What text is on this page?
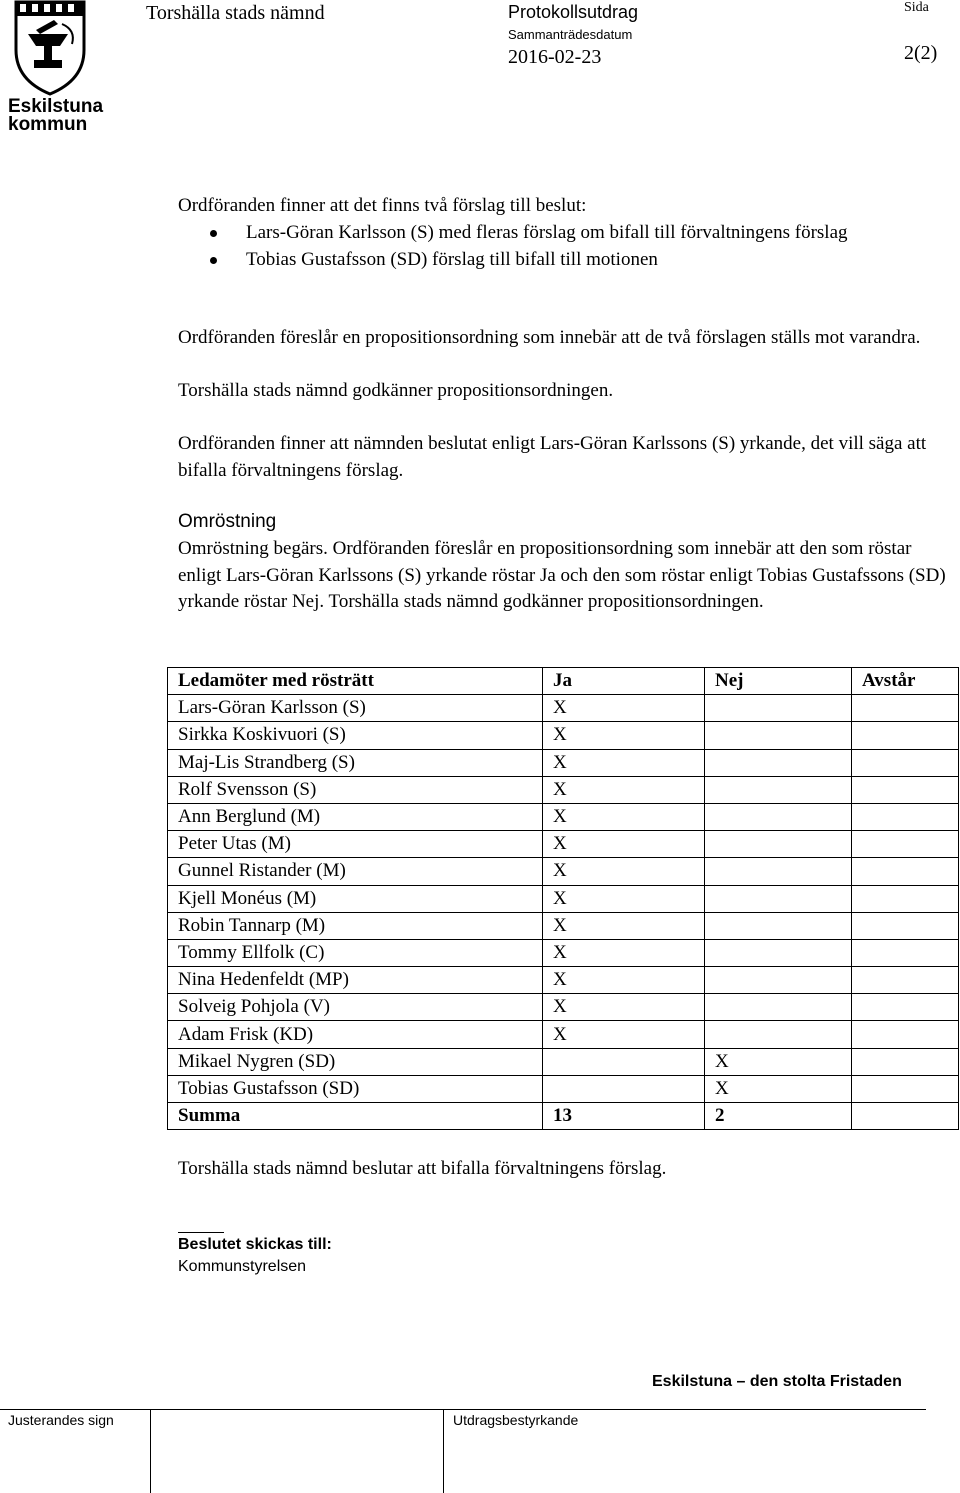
Eskilstuna
kommun
Torshälla stads nämnd	Protokollsutdrag
Sammanträdesdatum
2016-02-23
Sida
2(2)
Ordföranden finner att det finns två förslag till beslut:
Lars-Göran Karlsson (S) med fleras förslag om bifall till förvaltningens förslag
Tobias Gustafsson (SD) förslag till bifall till motionen
Ordföranden föreslår en propositionsordning som innebär att de två förslagen ställs mot varandra.
Torshälla stads nämnd godkänner propositionsordningen.
Ordföranden finner att nämnden beslutat enligt Lars-Göran Karlssons (S) yrkande, det vill säga att bifalla förvaltningens förslag.
Omröstning
Omröstning begärs. Ordföranden föreslår en propositionsordning som innebär att den som röstar enligt Lars-Göran Karlssons (S) yrkande röstar Ja och den som röstar enligt Tobias Gustafssons (SD) yrkande röstar Nej. Torshälla stads nämnd godkänner propositionsordningen.
Ledamöter med rösträtt	Ja	Nej	Avstår
Lars-Göran Karlsson (S)	X		
Sirkka Koskivuori (S)	X		
Maj-Lis Strandberg (S)	X		
Rolf Svensson (S)	X		
Ann Berglund (M)	X		
Peter Utas (M)	X		
Gunnel Ristander (M)	X		
Kjell Monéus (M)	X		
Robin Tannarp (M)	X		
Tommy Ellfolk (C)	X		
Nina Hedenfeldt (MP)	X		
Solveig Pohjola (V)	X		
Adam Frisk (KD)	X		
Mikael Nygren (SD)		X	
Tobias Gustafsson (SD)		X	
Summa	13	2	
Torshälla stads nämnd beslutar att bifalla förvaltningens förslag.
Beslutet skickas till:
Kommunstyrelsen
Eskilstuna – den stolta Fristaden
Justerandes sign	Utdragsbestyrkande
